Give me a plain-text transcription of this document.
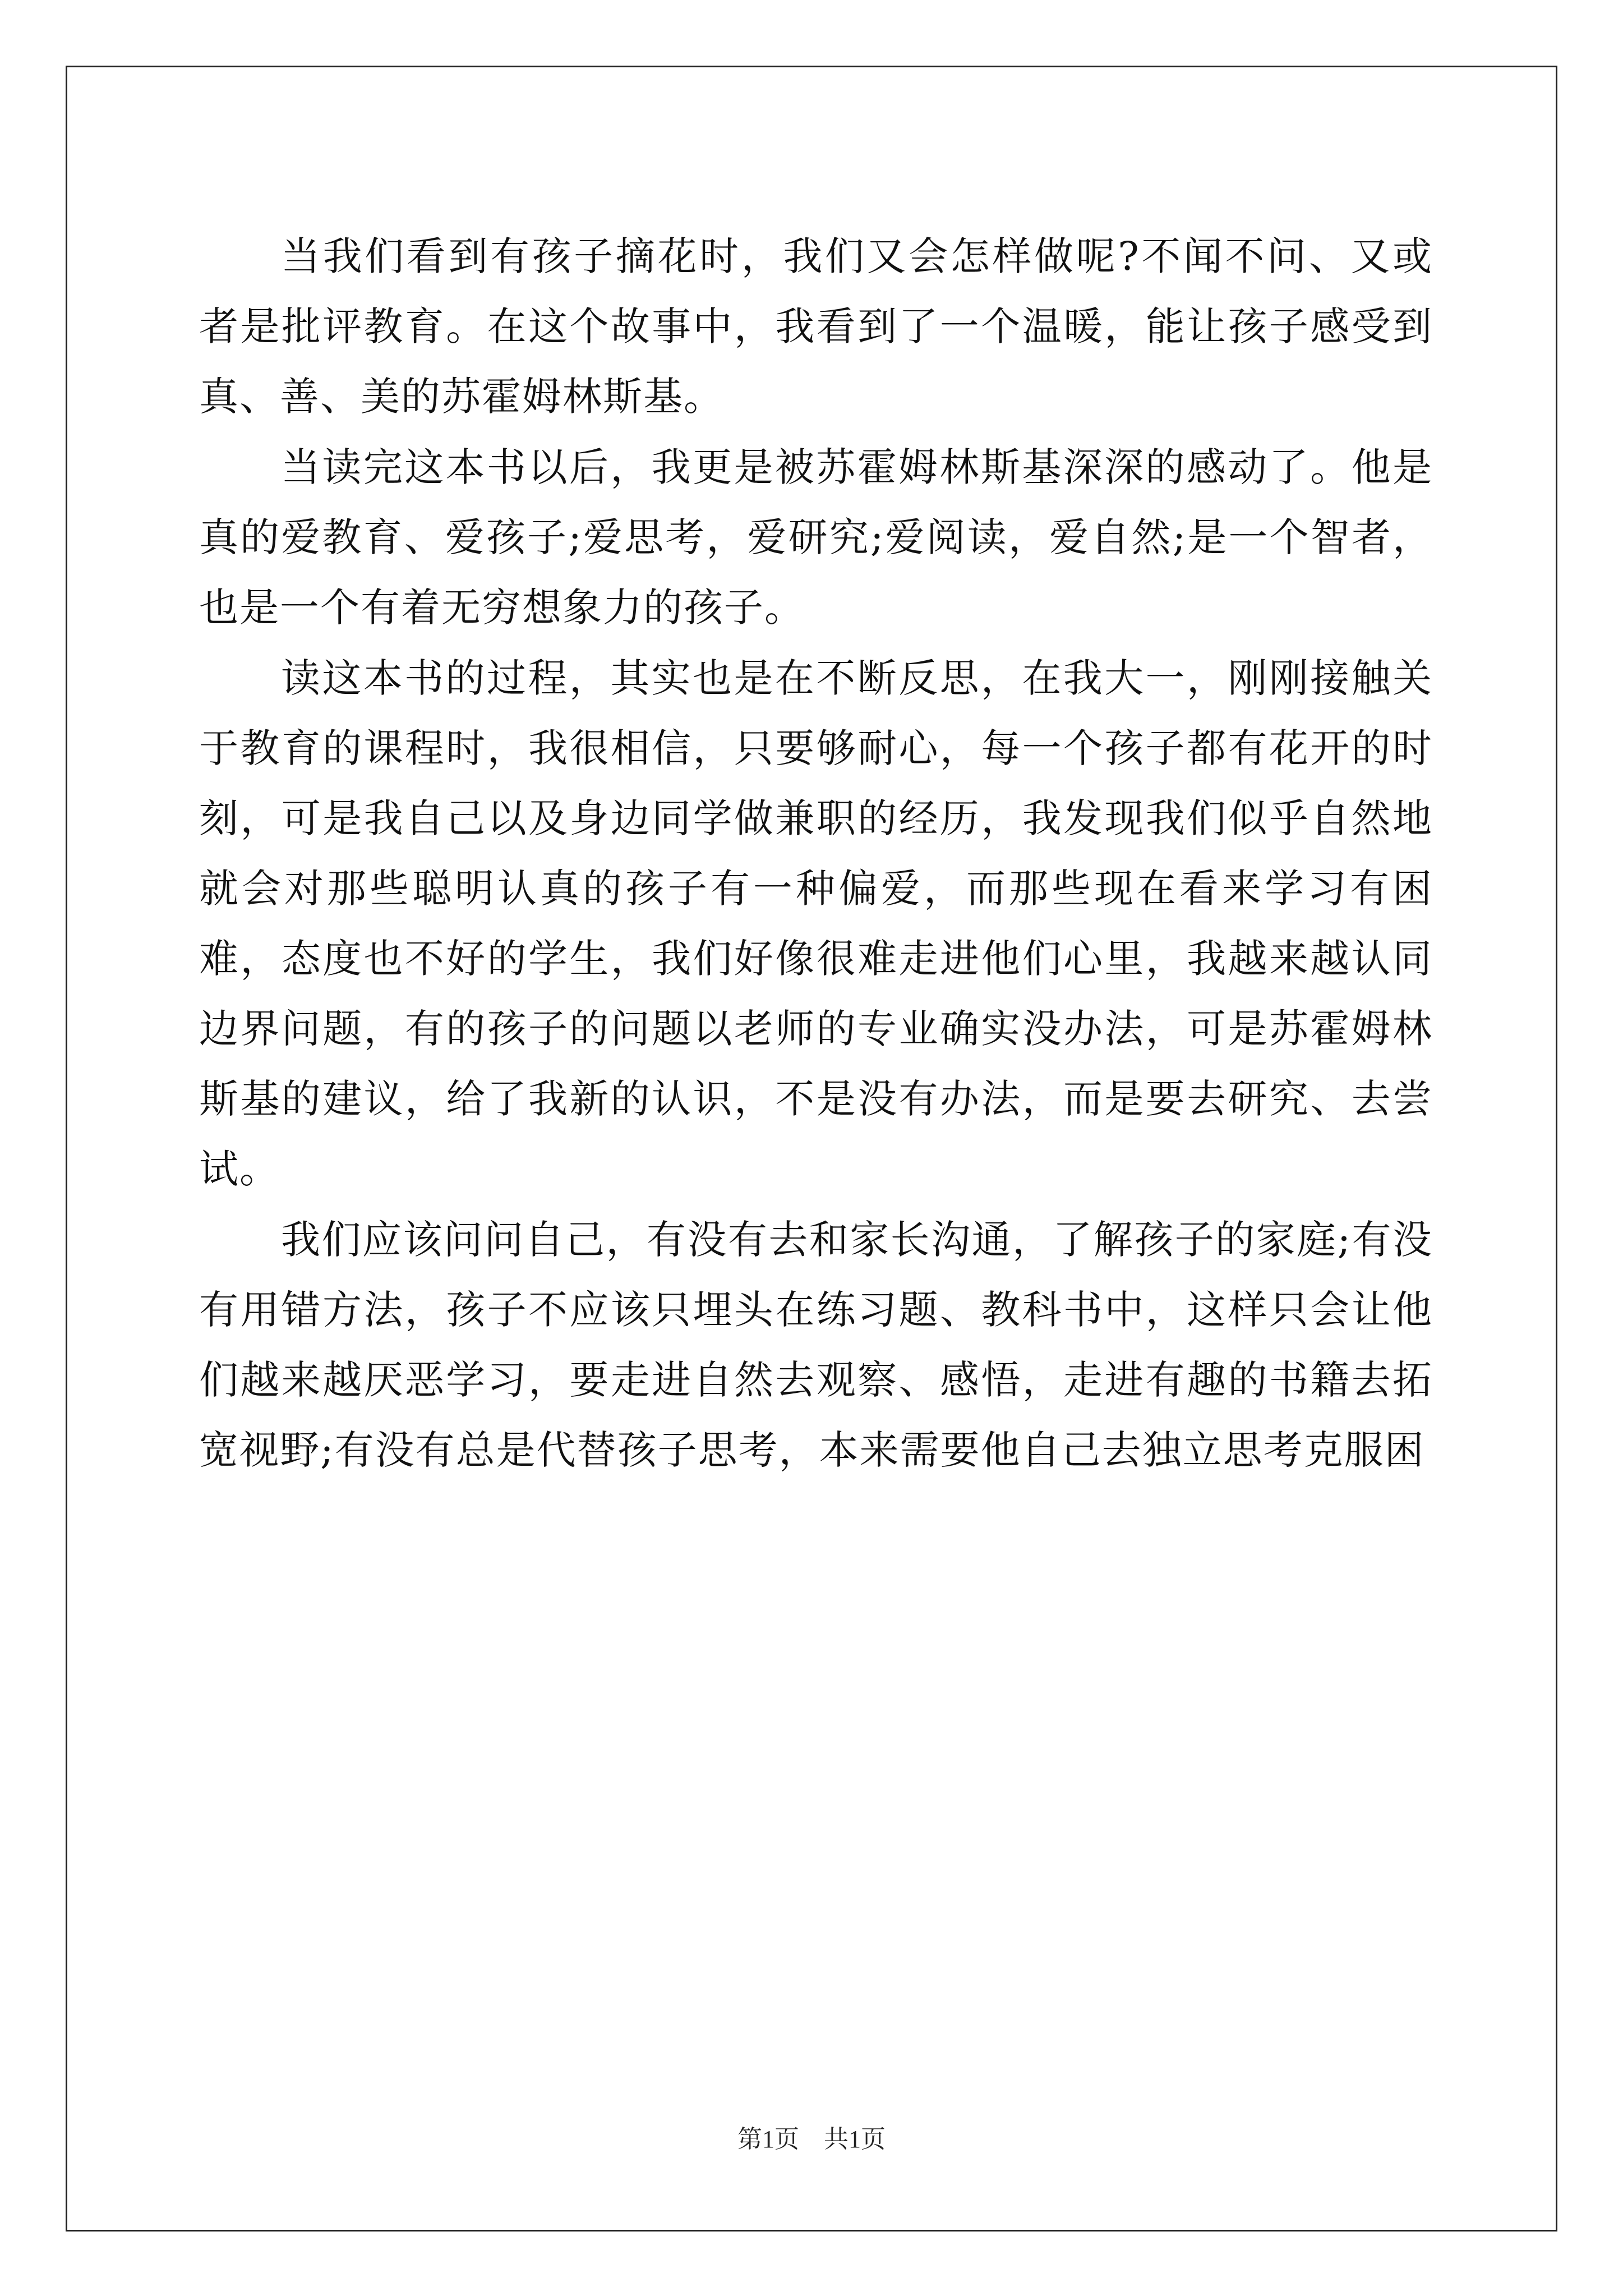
当我们看到有孩子摘花时，我们又会怎样做呢?不闻不问、又或者是批评教育。在这个故事中，我看到了一个温暖，能让孩子感受到真、善、美的苏霍姆林斯基。

当读完这本书以后，我更是被苏霍姆林斯基深深的感动了。他是真的爱教育、爱孩子;爱思考，爱研究;爱阅读，爱自然;是一个智者，也是一个有着无穷想象力的孩子。

读这本书的过程，其实也是在不断反思，在我大一，刚刚接触关于教育的课程时，我很相信，只要够耐心，每一个孩子都有花开的时刻，可是我自己以及身边同学做兼职的经历，我发现我们似乎自然地就会对那些聪明认真的孩子有一种偏爱，而那些现在看来学习有困难，态度也不好的学生，我们好像很难走进他们心里，我越来越认同边界问题，有的孩子的问题以老师的专业确实没办法，可是苏霍姆林斯基的建议，给了我新的认识，不是没有办法，而是要去研究、去尝试。

我们应该问问自己，有没有去和家长沟通，了解孩子的家庭;有没有用错方法，孩子不应该只埋头在练习题、教科书中，这样只会让他们越来越厌恶学习，要走进自然去观察、感悟，走进有趣的书籍去拓宽视野;有没有总是代替孩子思考，本来需要他自己去独立思考克服困

第1页　共1页
